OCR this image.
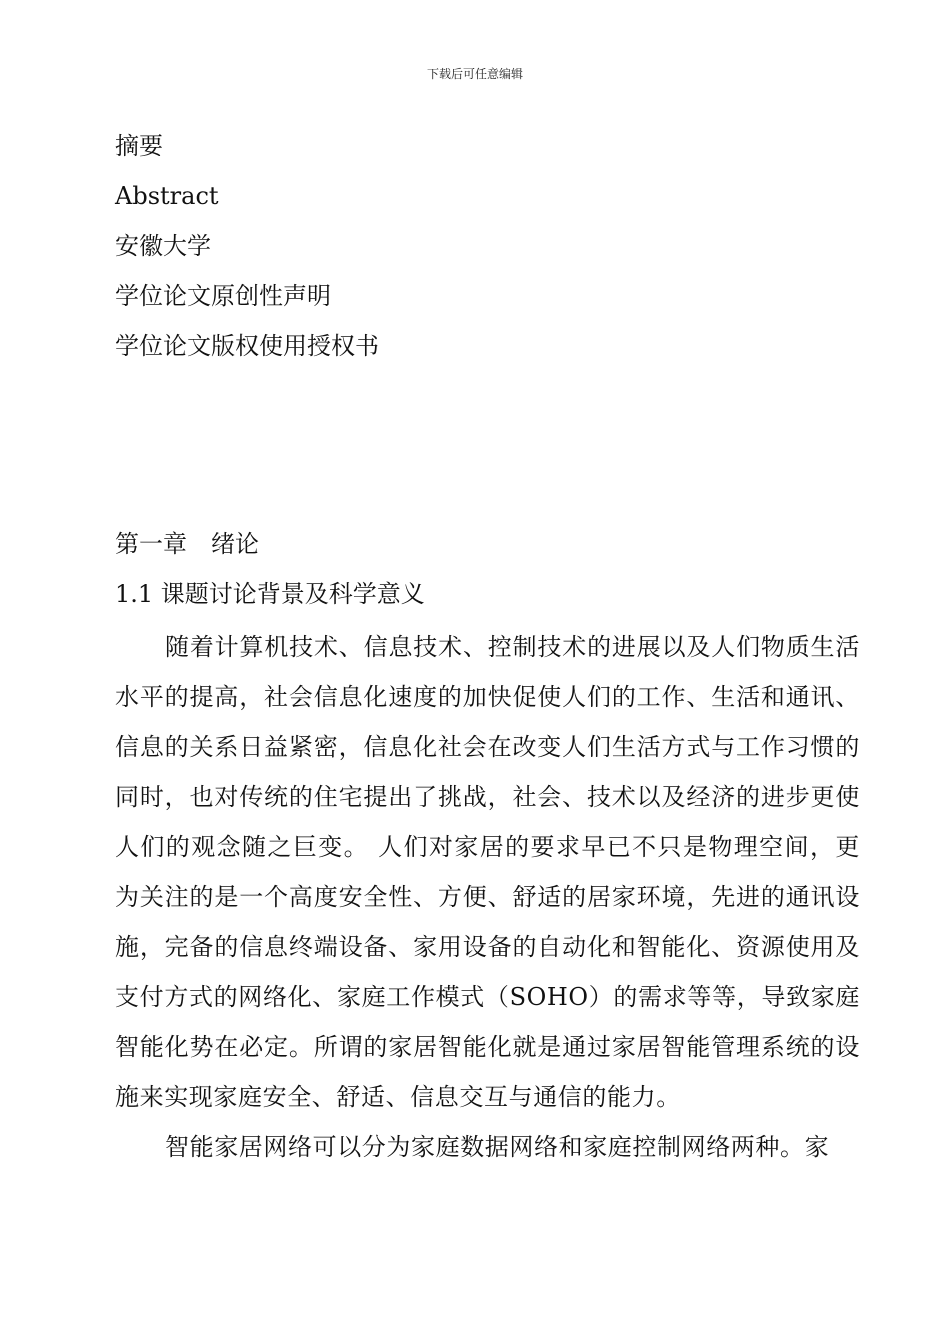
下载后可任意编辑
摘要
Abstract
安徽大学
学位论文原创性声明
学位论文版权使用授权书
第一章　绪论
1.1 课题讨论背景及科学意义

随着计算机技术、信息技术、控制技术的进展以及人们物质生活水平的提高，社会信息化速度的加快促使人们的工作、生活和通讯、信息的关系日益紧密，信息化社会在改变人们生活方式与工作习惯的同时，也对传统的住宅提出了挑战，社会、技术以及经济的进步更使人们的观念随之巨变。 人们对家居的要求早已不只是物理空间，更为关注的是一个高度安全性、方便、舒适的居家环境，先进的通讯设施，完备的信息终端设备、家用设备的自动化和智能化、资源使用及支付方式的网络化、家庭工作模式（SOHO）的需求等等，导致家庭智能化势在必定。所谓的家居智能化就是通过家居智能管理系统的设施来实现家庭安全、舒适、信息交互与通信的能力。

智能家居网络可以分为家庭数据网络和家庭控制网络两种。家
